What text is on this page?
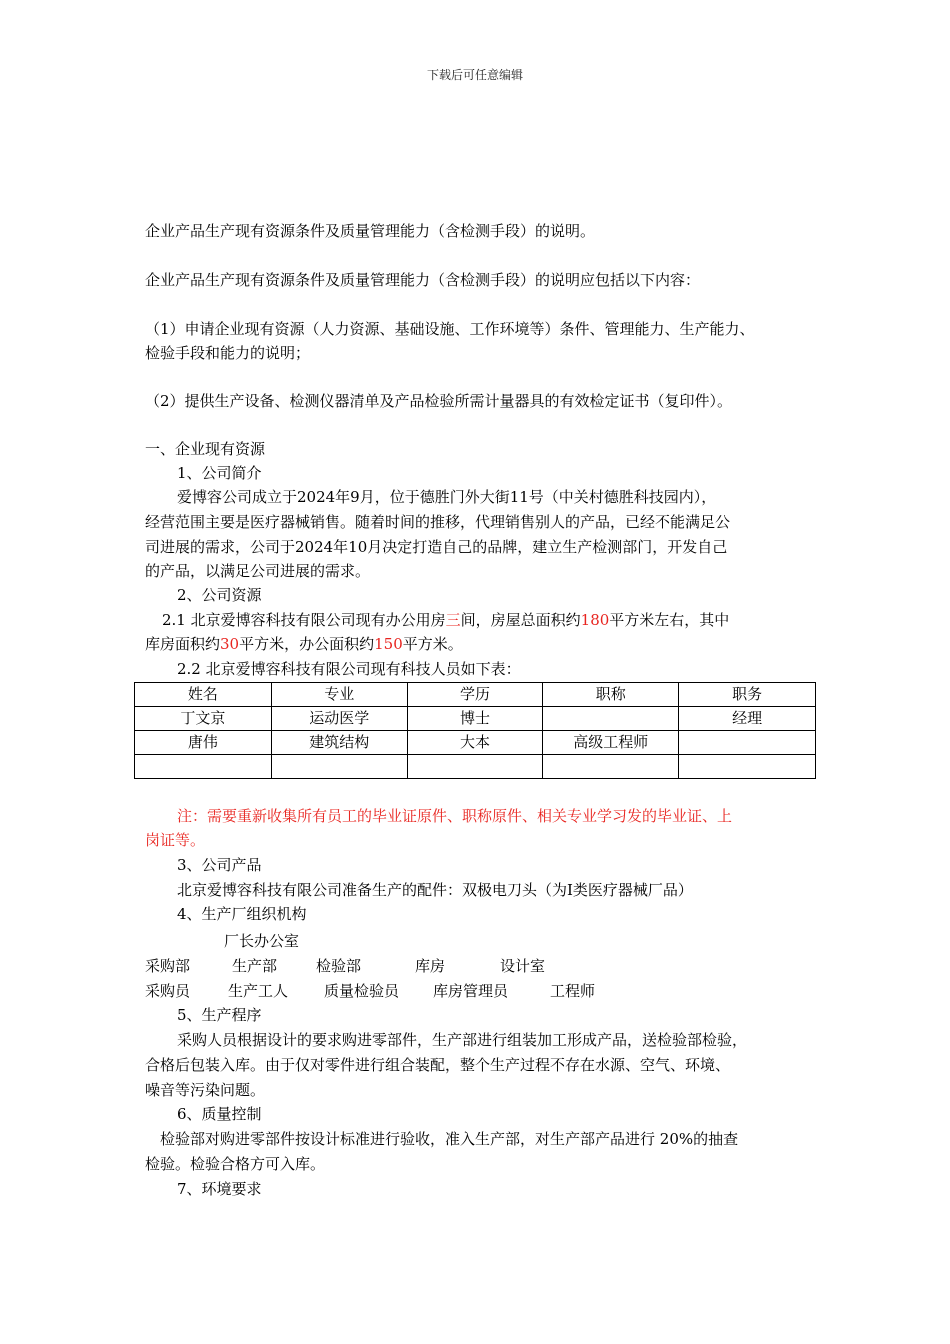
下载后可任意编辑
企业产品生产现有资源条件及质量管理能力（含检测手段）的说明。
企业产品生产现有资源条件及质量管理能力（含检测手段）的说明应包括以下内容：
（1）申请企业现有资源（人力资源、基础设施、工作环境等）条件、管理能力、生产能力、
检验手段和能力的说明；
（2）提供生产设备、检测仪器清单及产品检验所需计量器具的有效检定证书（复印件）。
一、企业现有资源
1、公司简介
爱博容公司成立于2024年9月，位于德胜门外大街11号（中关村德胜科技园内），
经营范围主要是医疗器械销售。随着时间的推移，代理销售别人的产品，已经不能满足公
司进展的需求，公司于2024年10月决定打造自己的品牌，建立生产检测部门，开发自己
的产品，以满足公司进展的需求。
2、公司资源
2.1 北京爱博容科技有限公司现有办公用房三间，房屋总面积约180平方米左右，其中
库房面积约30平方米，办公面积约150平方米。
2.2 北京爱博容科技有限公司现有科技人员如下表：
姓名	专业	学历	职称	职务
丁文京	运动医学	博士		经理
唐伟	建筑结构	大本	高级工程师	

注：需要重新收集所有员工的毕业证原件、职称原件、相关专业学习发的毕业证、上
岗证等。
3、公司产品
北京爱博容科技有限公司准备生产的配件：双极电刀头（为Ⅰ类医疗器械厂品）
4、生产厂组织机构
厂长办公室
采购部	生产部	检验部	库房	设计室
采购员	生产工人 质量检验员 库房管理员	工程师
5、生产程序
采购人员根据设计的要求购进零部件，生产部进行组装加工形成产品，送检验部检验，
合格后包装入库。由于仅对零件进行组合装配，整个生产过程不存在水源、空气、环境、
噪音等污染问题。
6、质量控制
检验部对购进零部件按设计标准进行验收，准入生产部，对生产部产品进行 20%的抽查
检验。检验合格方可入库。
7、环境要求
